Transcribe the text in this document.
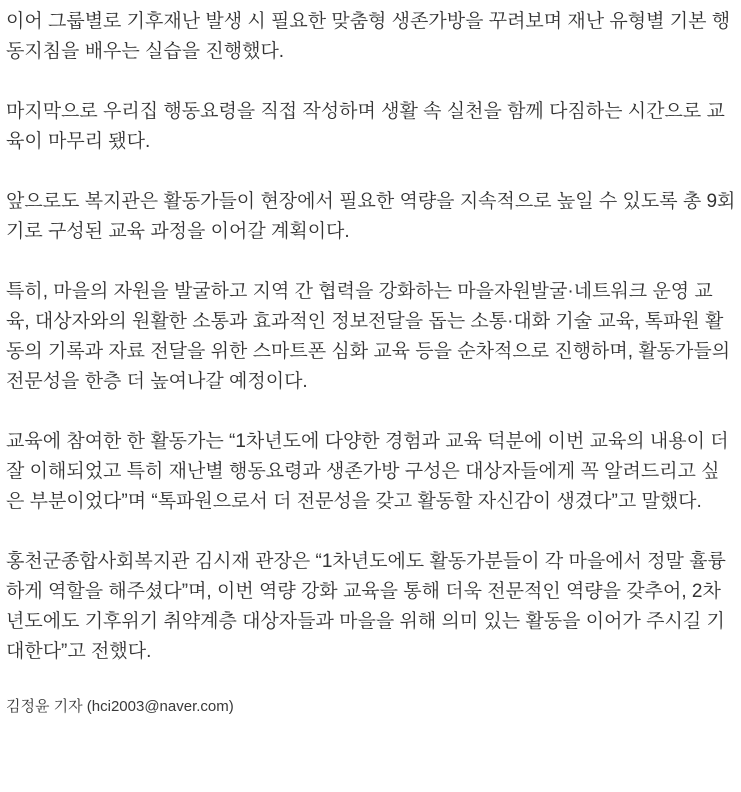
이어 그룹별로 기후재난 발생 시 필요한 맞춤형 생존가방을 꾸려보며 재난 유형별 기본 행동지침을 배우는 실습을 진행했다.

마지막으로 우리집 행동요령을 직접 작성하며 생활 속 실천을 함께 다짐하는 시간으로 교육이 마무리 됐다.

앞으로도 복지관은 활동가들이 현장에서 필요한 역량을 지속적으로 높일 수 있도록 총 9회기로 구성된 교육 과정을 이어갈 계획이다.

특히, 마을의 자원을 발굴하고 지역 간 협력을 강화하는 마을자원발굴·네트워크 운영 교육, 대상자와의 원활한 소통과 효과적인 정보전달을 돕는 소통·대화 기술 교육, 톡파원 활동의 기록과 자료 전달을 위한 스마트폰 심화 교육 등을 순차적으로 진행하며, 활동가들의 전문성을 한층 더 높여나갈 예정이다.

교육에 참여한 한 활동가는 “1차년도에 다양한 경험과 교육 덕분에 이번 교육의 내용이 더 잘 이해되었고 특히 재난별 행동요령과 생존가방 구성은 대상자들에게 꼭 알려드리고 싶은 부분이었다”며 “톡파원으로서 더 전문성을 갖고 활동할 자신감이 생겼다”고 말했다.

홍천군종합사회복지관 김시재 관장은 “1차년도에도 활동가분들이 각 마을에서 정말 휼륭하게 역할을 해주셨다”며, 이번 역량 강화 교육을 통해 더욱 전문적인 역량을 갖추어, 2차년도에도 기후위기 취약계층 대상자들과 마을을 위해 의미 있는 활동을 이어가 주시길 기대한다”고 전했다.

김정윤 기자 (hci2003@naver.com)
